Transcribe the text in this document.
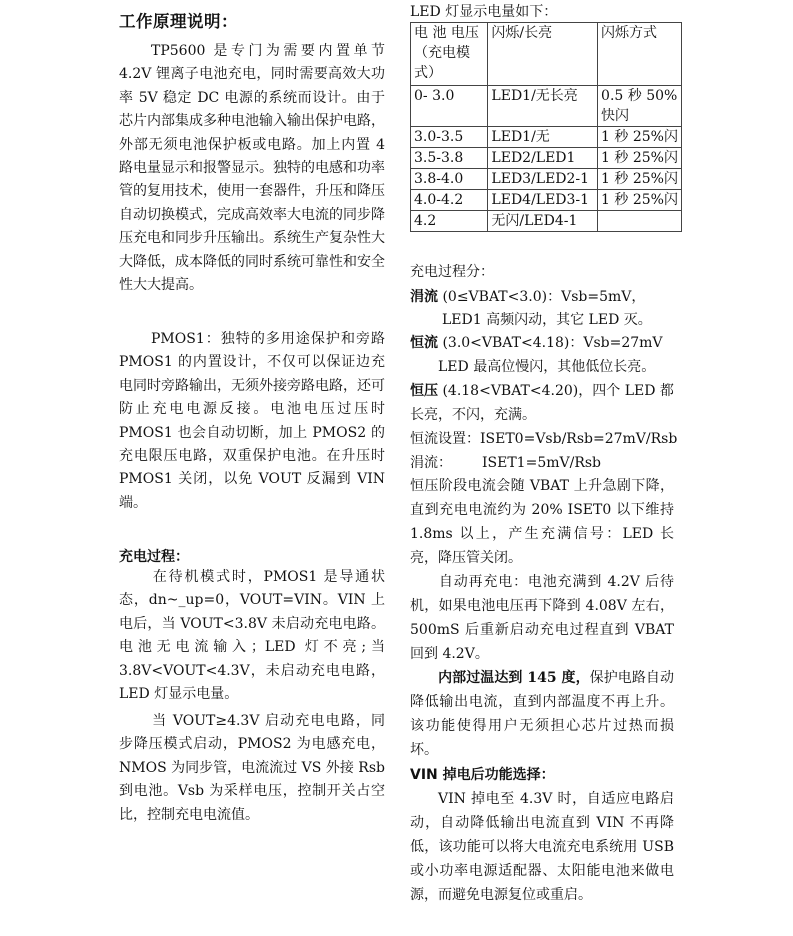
工作原理说明：
TP5600 是专门为需要内置单节 4.2V 锂离子电池充电，同时需要高效大功率 5V 稳定 DC 电源的系统而设计。由于芯片内部集成多种电池输入输出保护电路，外部无须电池保护板或电路。加上内置 4 路电量显示和报警显示。独特的电感和功率管的复用技术，使用一套器件，升压和降压自动切换模式，完成高效率大电流的同步降压充电和同步升压输出。系统生产复杂性大大降低，成本降低的同时系统可靠性和安全性大大提高。
PMOS1：独特的多用途保护和旁路 PMOS1 的内置设计，不仅可以保证边充电同时旁路输出，无须外接旁路电路，还可防止充电电源反接。电池电压过压时 PMOS1 也会自动切断，加上 PMOS2 的充电限压电路，双重保护电池。在升压时 PMOS1 关闭，以免 VOUT 反漏到 VIN 端。
充电过程：
在待机模式时，PMOS1 是导通状态，dn~_up=0，VOUT=VIN。VIN 上电后，当 VOUT<3.8V 未启动充电电路。电池无电流输入；LED 灯不亮;当 3.8V<VOUT<4.3V，未启动充电电路，LED 灯显示电量。
当 VOUT≥4.3V 启动充电电路，同步降压模式启动，PMOS2 为电感充电，NMOS 为同步管，电流流过 VS 外接 Rsb 到电池。Vsb 为采样电压，控制开关占空比，控制充电电流值。
LED 灯显示电量如下：
电 池 电压（充电模式）	闪烁/长亮	闪烁方式
0- 3.0	LED1/无长亮	0.5 秒 50%快闪
3.0-3.5	LED1/无	1 秒 25%闪
3.5-3.8	LED2/LED1	1 秒 25%闪
3.8-4.0	LED3/LED2-1	1 秒 25%闪
4.0-4.2	LED4/LED3-1	1 秒 25%闪
4.2	无闪/LED4-1	
充电过程分：
涓流 (0≤VBAT<3.0)：Vsb=5mV，
LED1 高频闪动，其它 LED 灭。
恒流 (3.0<VBAT<4.18)：Vsb=27mV
LED 最高位慢闪，其他低位长亮。
恒压 (4.18<VBAT<4.20)，四个 LED 都
长亮，不闪，充满。
恒流设置：ISET0=Vsb/Rsb=27mV/Rsb
涓流： ISET1=5mV/Rsb
恒压阶段电流会随 VBAT 上升急剧下降，直到充电电流约为 20% ISET0 以下维持 1.8ms 以上，产生充满信号：LED 长亮，降压管关闭。
自动再充电：电池充满到 4.2V 后待机，如果电池电压再下降到 4.08V 左右，500mS 后重新启动充电过程直到 VBAT 回到 4.2V。
内部过温达到 145 度，保护电路自动降低输出电流，直到内部温度不再上升。该功能使得用户无须担心芯片过热而损坏。
VIN 掉电后功能选择：
VIN 掉电至 4.3V 时，自适应电路启动，自动降低输出电流直到 VIN 不再降低，该功能可以将大电流充电系统用 USB 或小功率电源适配器、太阳能电池来做电源，而避免电源复位或重启。
